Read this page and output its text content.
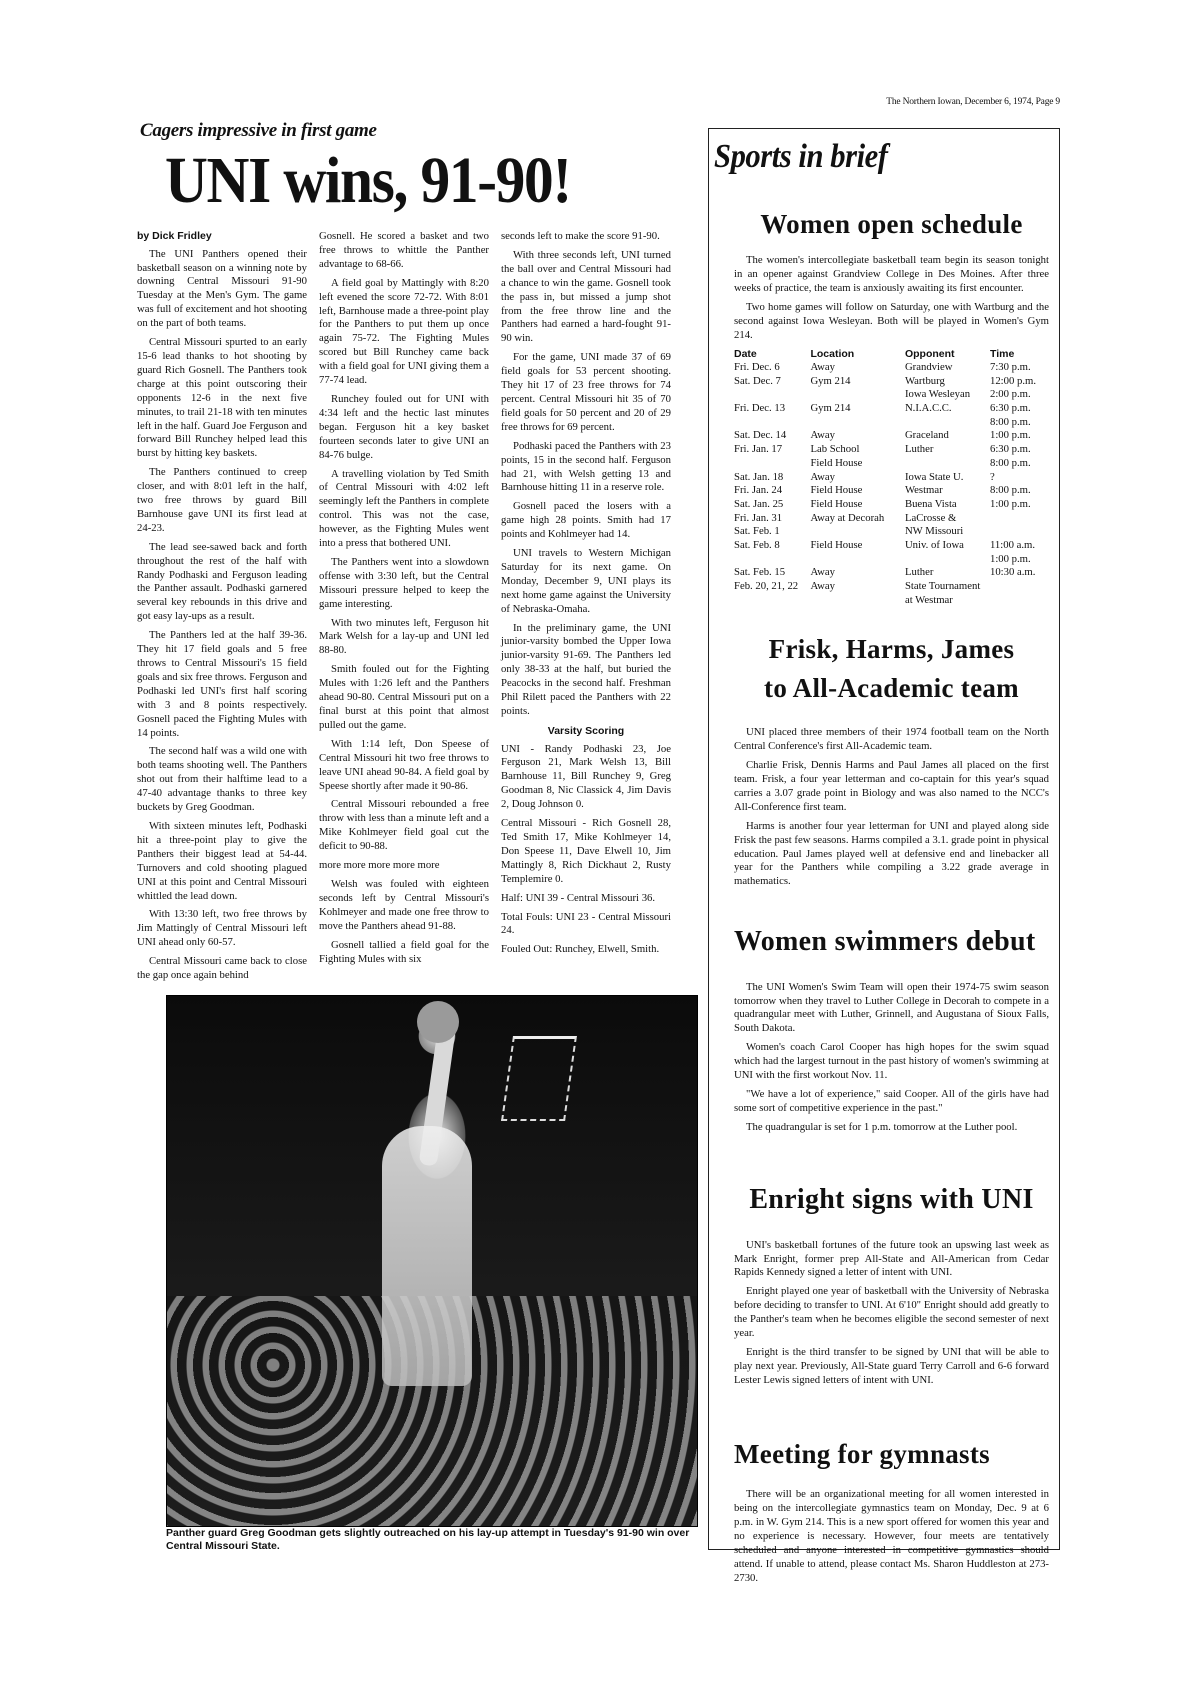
The Northern Iowan, December 6, 1974, Page 9
Cagers impressive in first game
UNI wins, 91-90!
by Dick Fridley

The UNI Panthers opened their basketball season on a winning note by downing Central Missouri 91-90 Tuesday at the Men's Gym. The game was full of excitement and hot shooting on the part of both teams.

Central Missouri spurted to an early 15-6 lead thanks to hot shooting by guard Rich Gosnell. The Panthers took charge at this point outscoring their opponents 12-6 in the next five minutes, to trail 21-18 with ten minutes left in the half. Guard Joe Ferguson and forward Bill Runchey helped lead this burst by hitting key baskets.

The Panthers continued to creep closer, and with 8:01 left in the half, two free throws by guard Bill Barnhouse gave UNI its first lead at 24-23.

The lead see-sawed back and forth throughout the rest of the half with Randy Podhaski and Ferguson leading the Panther assault. Podhaski garnered several key rebounds in this drive and got easy lay-ups as a result.

The Panthers led at the half 39-36. They hit 17 field goals and 5 free throws to Central Missouri's 15 field goals and six free throws. Ferguson and Podhaski led UNI's first half scoring with 3 and 8 points respectively. Gosnell paced the Fighting Mules with 14 points.

The second half was a wild one with both teams shooting well. The Panthers shot out from their halftime lead to a 47-40 advantage thanks to three key buckets by Greg Goodman.

With sixteen minutes left, Podhaski hit a three-point play to give the Panthers their biggest lead at 54-44. Turnovers and cold shooting plagued UNI at this point and Central Missouri whittled the lead down.

With 13:30 left, two free throws by Jim Mattingly of Central Missouri left UNI ahead only 60-57.

Central Missouri came back to close the gap once again behind

Gosnell. He scored a basket and two free throws to whittle the Panther advantage to 68-66.

A field goal by Mattingly with 8:20 left evened the score 72-72. With 8:01 left, Barnhouse made a three-point play for the Panthers to put them up once again 75-72. The Fighting Mules scored but Bill Runchey came back with a field goal for UNI giving them a 77-74 lead.

Runchey fouled out for UNI with 4:34 left and the hectic last minutes began. Ferguson hit a key basket fourteen seconds later to give UNI an 84-76 bulge.

A travelling violation by Ted Smith of Central Missouri with 4:02 left seemingly left the Panthers in complete control. This was not the case, however, as the Fighting Mules went into a press that bothered UNI.

The Panthers went into a slowdown offense with 3:30 left, but the Central Missouri pressure helped to keep the game interesting.

With two minutes left, Ferguson hit Mark Welsh for a lay-up and UNI led 88-80.

Smith fouled out for the Fighting Mules with 1:26 left and the Panthers ahead 90-80. Central Missouri put on a final burst at this point that almost pulled out the game.

With 1:14 left, Don Speese of Central Missouri hit two free throws to leave UNI ahead 90-84. A field goal by Speese shortly after made it 90-86.

Central Missouri rebounded a free throw with less than a minute left and a Mike Kohlmeyer field goal cut the deficit to 90-88.

more more more more more

Welsh was fouled with eighteen seconds left by Central Missouri's Kohlmeyer and made one free throw to move the Panthers ahead 91-88.

Gosnell tallied a field goal for the Fighting Mules with six

seconds left to make the score 91-90.

With three seconds left, UNI turned the ball over and Central Missouri had a chance to win the game. Gosnell took the pass in, but missed a jump shot from the free throw line and the Panthers had earned a hard-fought 91-90 win.

For the game, UNI made 37 of 69 field goals for 53 percent shooting. They hit 17 of 23 free throws for 74 percent. Central Missouri hit 35 of 70 field goals for 50 percent and 20 of 29 free throws for 69 percent.

Podhaski paced the Panthers with 23 points, 15 in the second half. Ferguson had 21, with Welsh getting 13 and Barnhouse hitting 11 in a reserve role.

Gosnell paced the losers with a game high 28 points. Smith had 17 points and Kohlmeyer had 14.

UNI travels to Western Michigan Saturday for its next game. On Monday, December 9, UNI plays its next home game against the University of Nebraska-Omaha.

In the preliminary game, the UNI junior-varsity bombed the Upper Iowa junior-varsity 91-69. The Panthers led only 38-33 at the half, but buried the Peacocks in the second half. Freshman Phil Rilett paced the Panthers with 22 points.

Varsity Scoring

UNI - Randy Podhaski 23, Joe Ferguson 21, Mark Welsh 13, Bill Barnhouse 11, Bill Runchey 9, Greg Goodman 8, Nic Classick 4, Jim Davis 2, Doug Johnson 0.

Central Missouri - Rich Gosnell 28, Ted Smith 17, Mike Kohlmeyer 14, Don Speese 11, Dave Elwell 10, Jim Mattingly 8, Rich Dickhaut 2, Rusty Templemire 0.

Half: UNI 39 - Central Missouri 36.

Total Fouls: UNI 23 - Central Missouri 24.

Fouled Out: Runchey, Elwell, Smith.

Panther guard Greg Goodman gets slightly outreached on his lay-up attempt in Tuesday's 91-90 win over Central Missouri State.
Sports in brief
Women open schedule

The women's intercollegiate basketball team begin its season tonight in an opener against Grandview College in Des Moines. After three weeks of practice, the team is anxiously awaiting its first encounter.

Two home games will follow on Saturday, one with Wartburg and the second against Iowa Wesleyan. Both will be played in Women's Gym 214.

Date	Location	Opponent	Time
Fri. Dec. 6	Away	Grandview	7:30 p.m.
Sat. Dec. 7	Gym 214	Wartburg	12:00 p.m.
		Iowa Wesleyan	2:00 p.m.
Fri. Dec. 13	Gym 214	N.I.A.C.C.	6:30 p.m.
			8:00 p.m.
Sat. Dec. 14	Away	Graceland	1:00 p.m.
Fri. Jan. 17	Lab School	Luther	6:30 p.m.
	Field House		8:00 p.m.
Sat. Jan. 18	Away	Iowa State U.	?
Fri. Jan. 24	Field House	Westmar	8:00 p.m.
Sat. Jan. 25	Field House	Buena Vista	1:00 p.m.
Fri. Jan. 31	Away at Decorah	LaCrosse &	
Sat. Feb. 1		NW Missouri	
Sat. Feb. 8	Field House	Univ. of Iowa	11:00 a.m.
			1:00 p.m.
Sat. Feb. 15	Away	Luther	10:30 a.m.
Feb. 20, 21, 22	Away	State Tournament	
		at Westmar	
Frisk, Harms, James
to All-Academic team

UNI placed three members of their 1974 football team on the North Central Conference's first All-Academic team.

Charlie Frisk, Dennis Harms and Paul James all placed on the first team. Frisk, a four year letterman and co-captain for this year's squad carries a 3.07 grade point in Biology and was also named to the NCC's All-Conference first team.

Harms is another four year letterman for UNI and played along side Frisk the past few seasons. Harms compiled a 3.1. grade point in physical education. Paul James played well at defensive end and linebacker all year for the Panthers while compiling a 3.22 grade average in mathematics.

Women swimmers debut

The UNI Women's Swim Team will open their 1974-75 swim season tomorrow when they travel to Luther College in Decorah to compete in a quadrangular meet with Luther, Grinnell, and Augustana of Sioux Falls, South Dakota.

Women's coach Carol Cooper has high hopes for the swim squad which had the largest turnout in the past history of women's swimming at UNI with the first workout Nov. 11.

"We have a lot of experience," said Cooper. All of the girls have had some sort of competitive experience in the past."

The quadrangular is set for 1 p.m. tomorrow at the Luther pool.

Enright signs with UNI

UNI's basketball fortunes of the future took an upswing last week as Mark Enright, former prep All-State and All-American from Cedar Rapids Kennedy signed a letter of intent with UNI.

Enright played one year of basketball with the University of Nebraska before deciding to transfer to UNI. At 6'10" Enright should add greatly to the Panther's team when he becomes eligible the second semester of next year.

Enright is the third transfer to be signed by UNI that will be able to play next year. Previously, All-State guard Terry Carroll and 6-6 forward Lester Lewis signed letters of intent with UNI.

Meeting for gymnasts

There will be an organizational meeting for all women interested in being on the intercollegiate gymnastics team on Monday, Dec. 9 at 6 p.m. in W. Gym 214. This is a new sport offered for women this year and no experience is necessary. However, four meets are tentatively scheduled and anyone interested in competitive gymnastics should attend. If unable to attend, please contact Ms. Sharon Huddleston at 273-2730.
